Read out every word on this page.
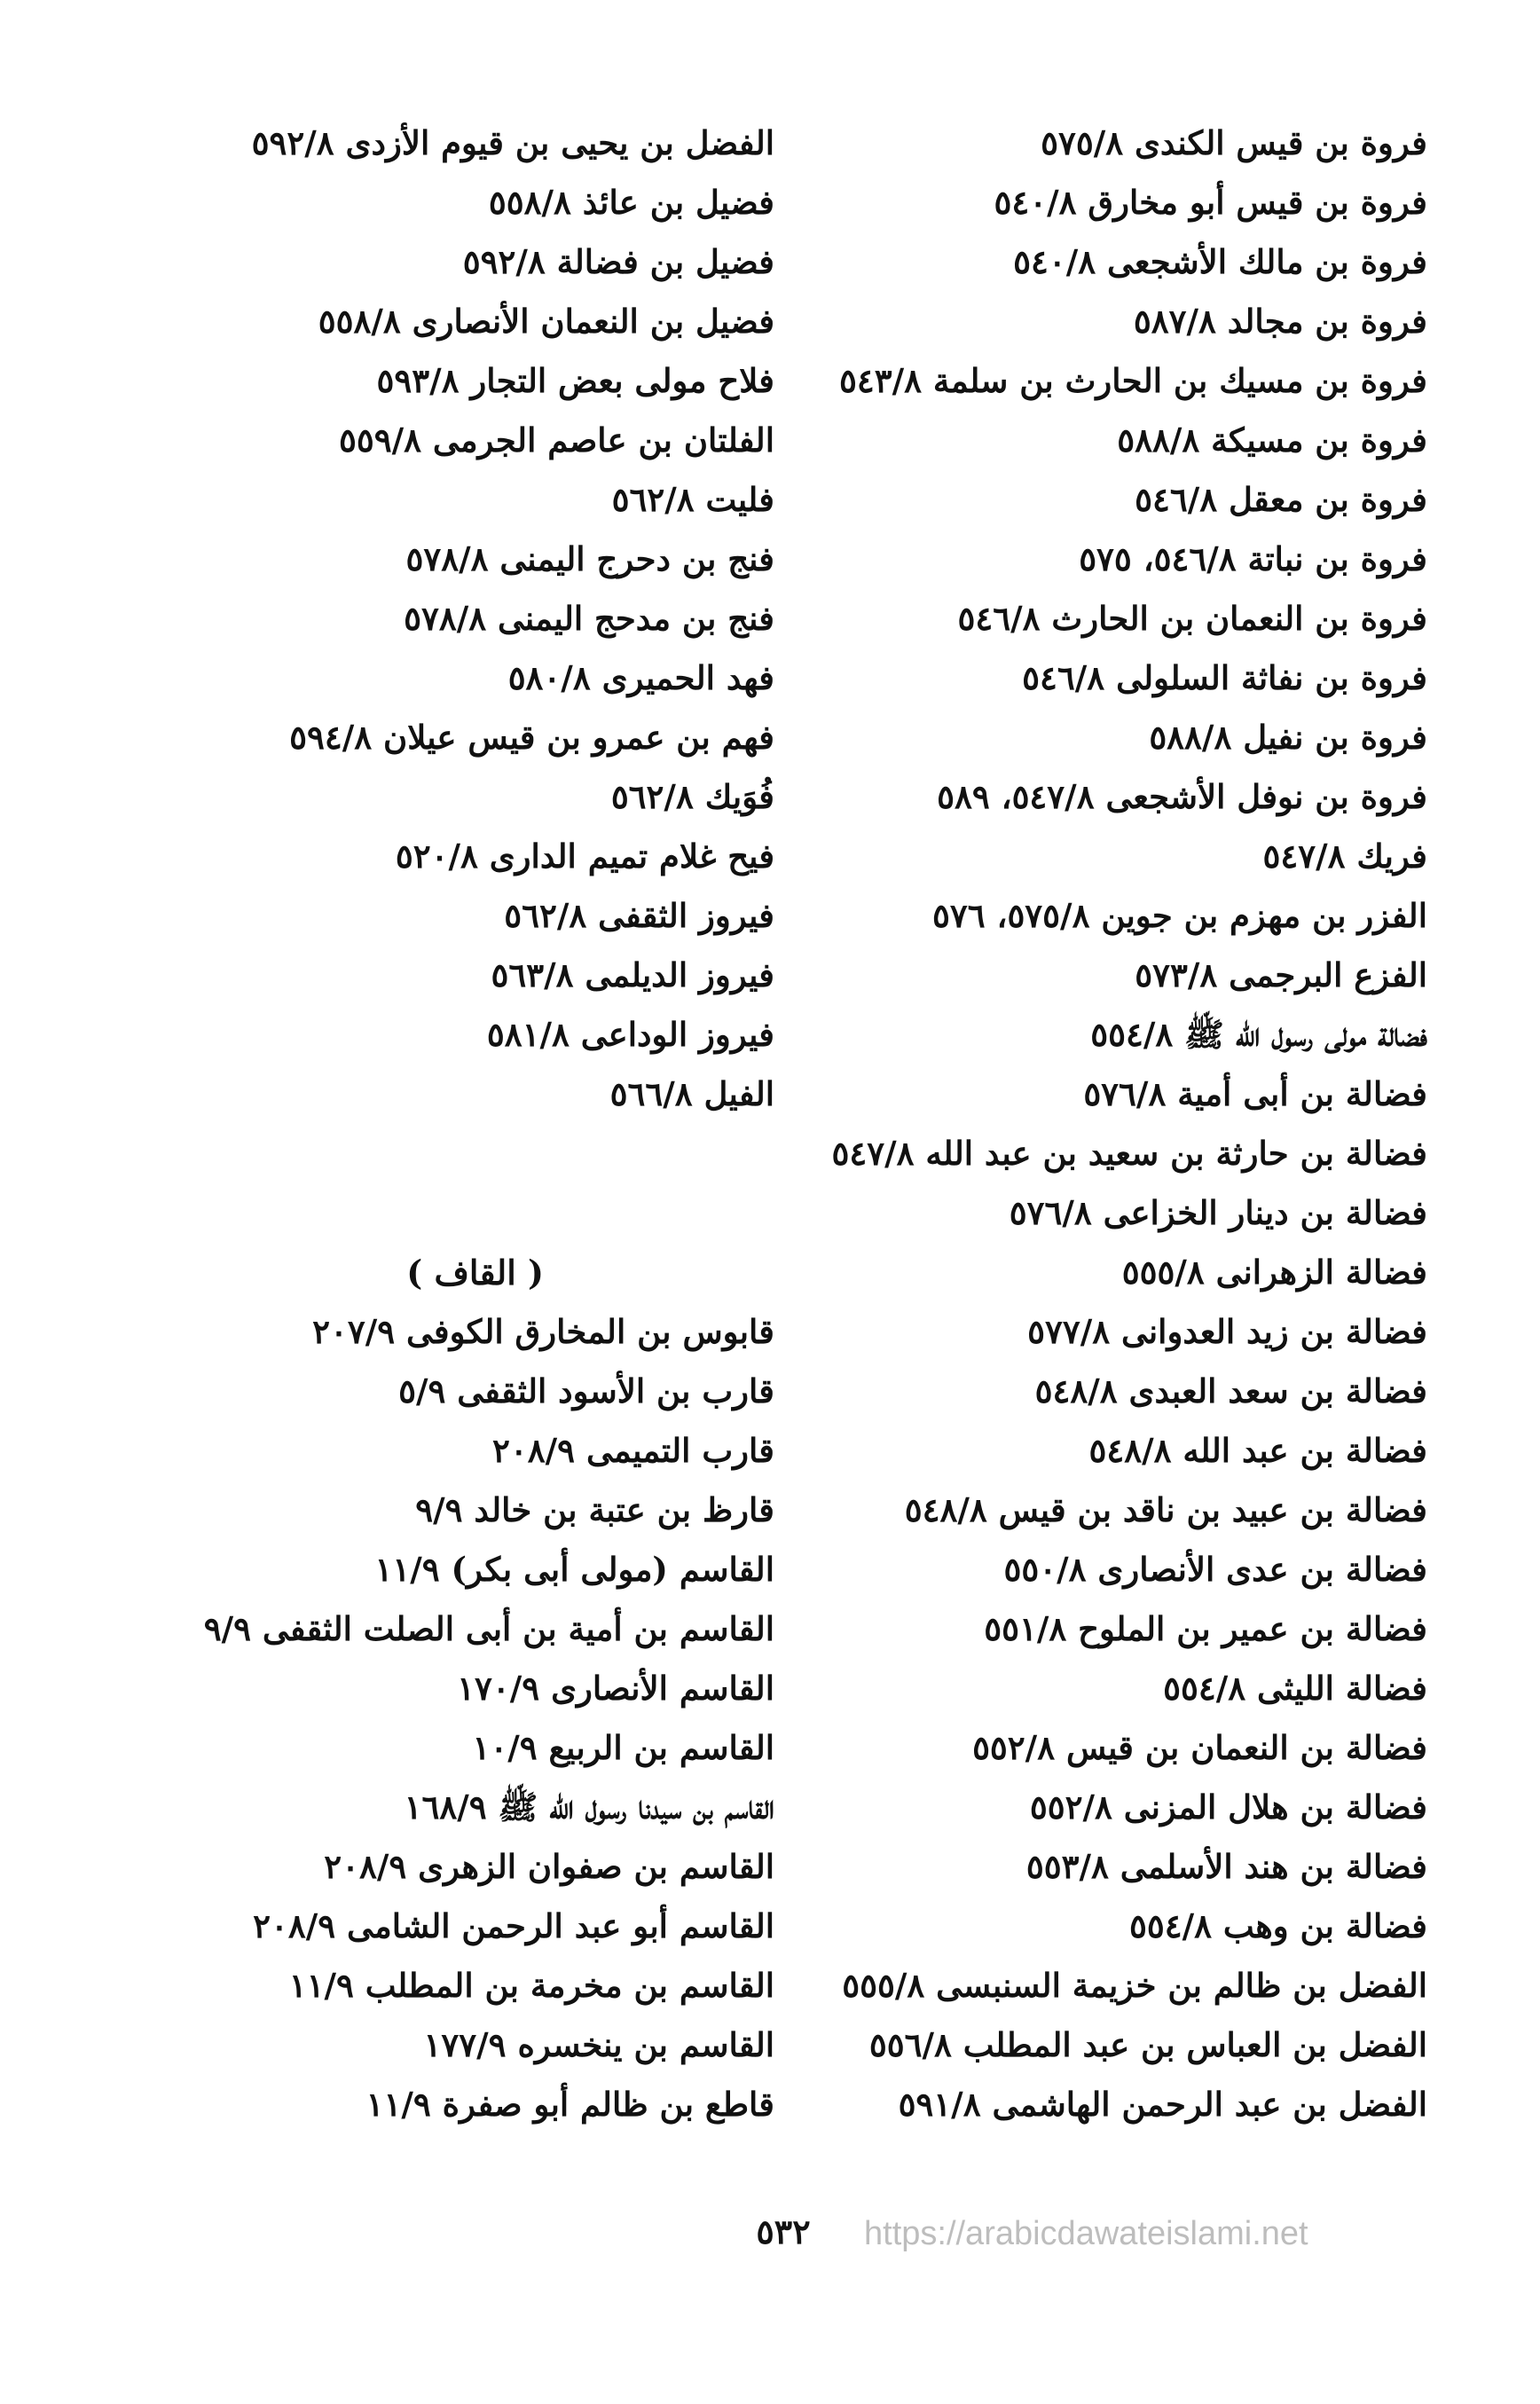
فروة بن قيس الكندى ٥٧٥/٨
فروة بن قيس أبو مخارق ٥٤٠/٨
فروة بن مالك الأشجعى ٥٤٠/٨
فروة بن مجالد ٥٨٧/٨
فروة بن مسيك بن الحارث بن سلمة ٥٤٣/٨
فروة بن مسيكة ٥٨٨/٨
فروة بن معقل ٥٤٦/٨
فروة بن نباتة ٥٤٦/٨، ٥٧٥
فروة بن النعمان بن الحارث ٥٤٦/٨
فروة بن نفاثة السلولى ٥٤٦/٨
فروة بن نفيل ٥٨٨/٨
فروة بن نوفل الأشجعى ٥٤٧/٨، ٥٨٩
فريك ٥٤٧/٨
الفزر بن مهزم بن جوين ٥٧٥/٨، ٥٧٦
الفزع البرجمى ٥٧٣/٨
فضالة مولى رسول الله ﷺ ٥٥٤/٨
فضالة بن أبى أمية ٥٧٦/٨
فضالة بن حارثة بن سعيد بن عبد الله ٥٤٧/٨
فضالة بن دينار الخزاعى ٥٧٦/٨
فضالة الزهرانى ٥٥٥/٨
فضالة بن زيد العدوانى ٥٧٧/٨
فضالة بن سعد العبدى ٥٤٨/٨
فضالة بن عبد الله ٥٤٨/٨
فضالة بن عبيد بن ناقد بن قيس ٥٤٨/٨
فضالة بن عدى الأنصارى ٥٥٠/٨
فضالة بن عمير بن الملوح ٥٥١/٨
فضالة الليثى ٥٥٤/٨
فضالة بن النعمان بن قيس ٥٥٢/٨
فضالة بن هلال المزنى ٥٥٢/٨
فضالة بن هند الأسلمى ٥٥٣/٨
فضالة بن وهب ٥٥٤/٨
الفضل بن ظالم بن خزيمة السنبسى ٥٥٥/٨
الفضل بن العباس بن عبد المطلب ٥٥٦/٨
الفضل بن عبد الرحمن الهاشمى ٥٩١/٨
الفضل بن يحيى بن قيوم الأزدى ٥٩٢/٨
فضيل بن عائذ ٥٥٨/٨
فضيل بن فضالة ٥٩٢/٨
فضيل بن النعمان الأنصارى ٥٥٨/٨
فلاح مولى بعض التجار ٥٩٣/٨
الفلتان بن عاصم الجرمى ٥٥٩/٨
فليت ٥٦٢/٨
فنج بن دحرج اليمنى ٥٧٨/٨
فنج بن مدحج اليمنى ٥٧٨/٨
فهد الحميرى ٥٨٠/٨
فهم بن عمرو بن قيس عيلان ٥٩٤/٨
فُوَيك ٥٦٢/٨
فيح غلام تميم الدارى ٥٢٠/٨
فيروز الثقفى ٥٦٢/٨
فيروز الديلمى ٥٦٣/٨
فيروز الوداعى ٥٨١/٨
الفيل ٥٦٦/٨
( القاف )
قابوس بن المخارق الكوفى ٢٠٧/٩
قارب بن الأسود الثقفى ٥/٩
قارب التميمى ٢٠٨/٩
قارظ بن عتبة بن خالد ٩/٩
القاسم (مولى أبى بكر) ١١/٩
القاسم بن أمية بن أبى الصلت الثقفى ٩/٩
القاسم الأنصارى ١٧٠/٩
القاسم بن الربيع ١٠/٩
القاسم بن سيدنا رسول الله ﷺ ١٦٨/٩
القاسم بن صفوان الزهرى ٢٠٨/٩
القاسم أبو عبد الرحمن الشامى ٢٠٨/٩
القاسم بن مخرمة بن المطلب ١١/٩
القاسم بن ينخسره ١٧٧/٩
قاطع بن ظالم أبو صفرة ١١/٩
٥٣٢	https://arabicdawateislami.net
